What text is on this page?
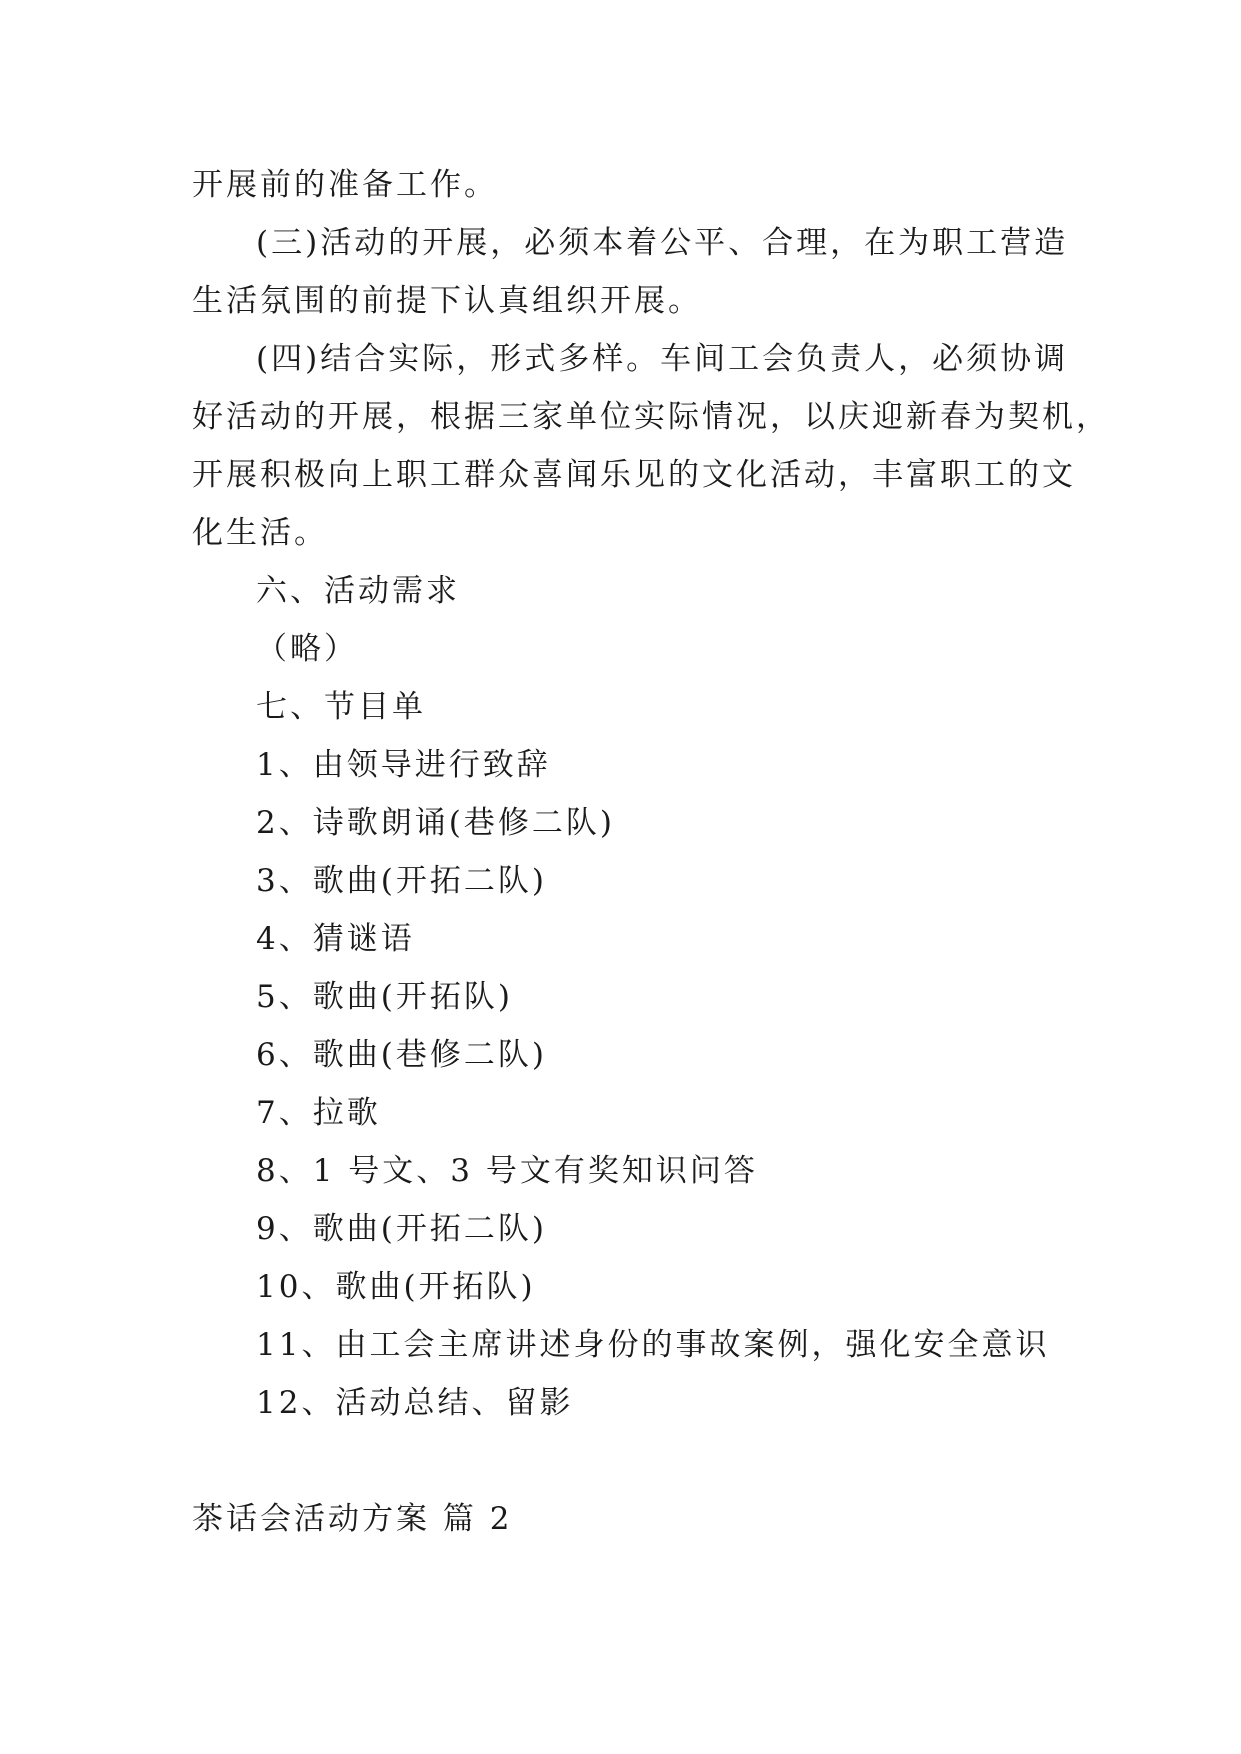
开展前的准备工作。
(三)活动的开展，必须本着公平、合理，在为职工营造
生活氛围的前提下认真组织开展。
(四)结合实际，形式多样。车间工会负责人，必须协调
好活动的开展，根据三家单位实际情况，以庆迎新春为契机，
开展积极向上职工群众喜闻乐见的文化活动，丰富职工的文
化生活。
六、活动需求
（略）
七、节目单
1、由领导进行致辞
2、诗歌朗诵(巷修二队)
3、歌曲(开拓二队)
4、猜谜语
5、歌曲(开拓队)
6、歌曲(巷修二队)
7、拉歌
8、1 号文、3 号文有奖知识问答
9、歌曲(开拓二队)
10、歌曲(开拓队)
11、由工会主席讲述身份的事故案例，强化安全意识
12、活动总结、留影
茶话会活动方案 篇 2
